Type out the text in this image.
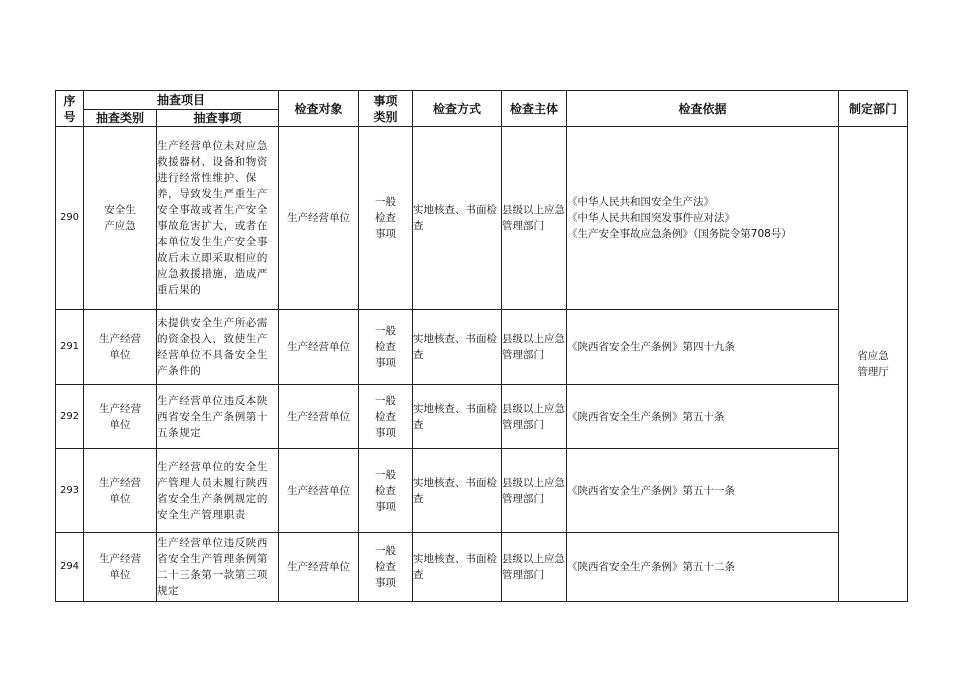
序号	抽查项目		检查对象	事项类别	检查方式	检查主体	检查依据	制定部门
	抽查类别	抽查事项						
290	安全生产应急	生产经营单位未对应急救援器材、设备和物资进行经常性维护、保养，导致发生严重生产安全事故或者生产安全事故危害扩大，或者在本单位发生生产安全事故后未立即采取相应的应急救援措施，造成严重后果的	生产经营单位	一般检查事项	实地核查、书面检查	县级以上应急管理部门	《中华人民共和国安全生产法》
《中华人民共和国突发事件应对法》
《生产安全事故应急条例》（国务院令第708号）	省应急管理厅
291	生产经营单位	未提供安全生产所必需的资金投入，致使生产经营单位不具备安全生产条件的	生产经营单位	一般检查事项	实地核查、书面检查	县级以上应急管理部门	《陕西省安全生产条例》第四十九条	

292	生产经营单位	生产经营单位违反本陕西省安全生产条例第十五条规定	生产经营单位	一般检查事项	实地核查、书面检查	县级以上应急管理部门	《陕西省安全生产条例》第五十条	

293	生产经营单位	生产经营单位的安全生产管理人员未履行陕西省安全生产条例规定的安全生产管理职责	生产经营单位	一般检查事项	实地核查、书面检查	县级以上应急管理部门	《陕西省安全生产条例》第五十一条	

294	生产经营单位	生产经营单位违反陕西省安全生产管理条例第二十三条第一款第三项规定	生产经营单位	一般检查事项	实地核查、书面检查	县级以上应急管理部门	《陕西省安全生产条例》第五十二条	
